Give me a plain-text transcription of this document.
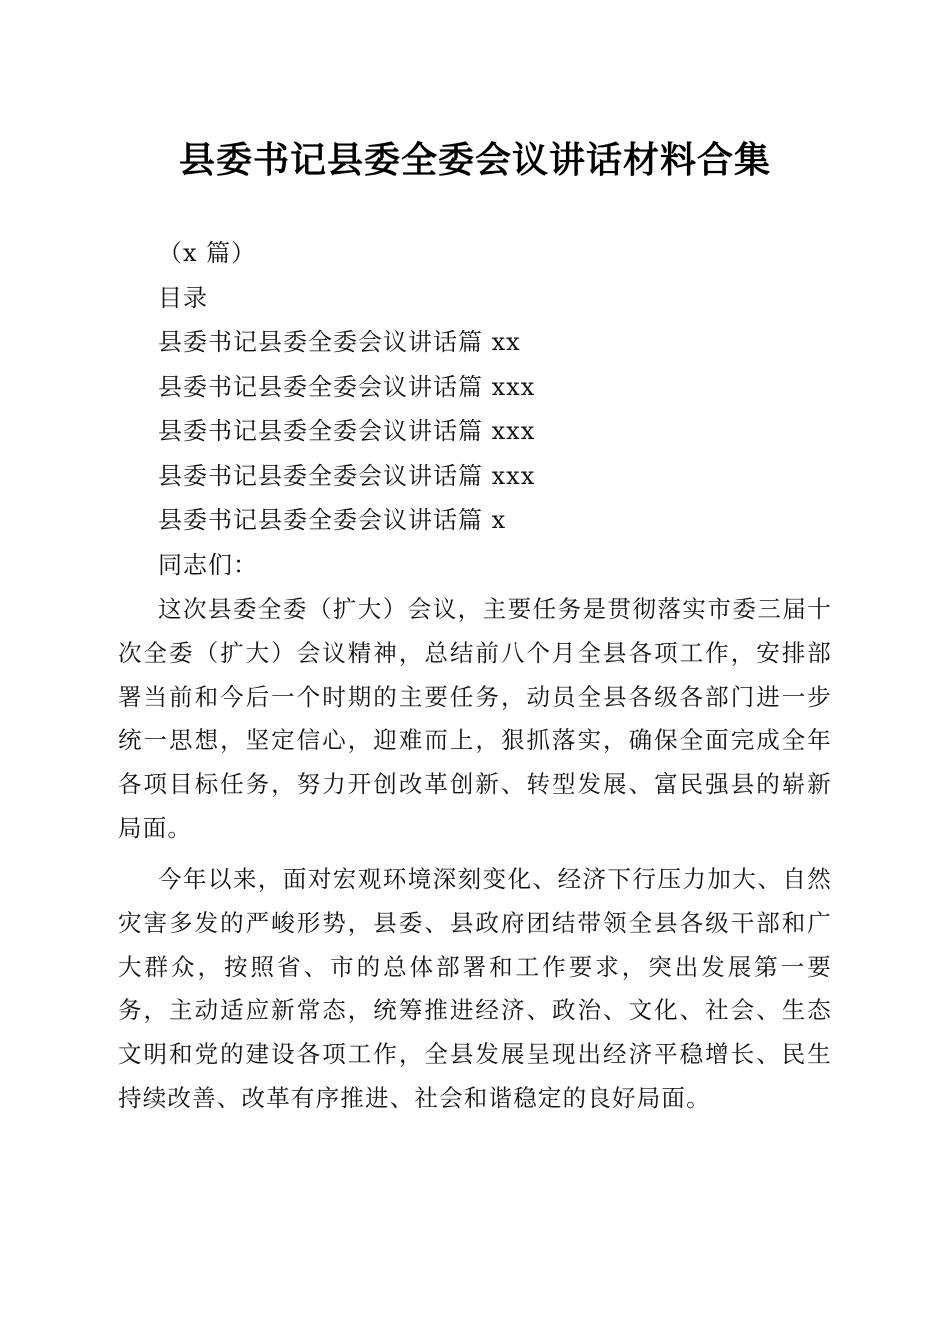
县委书记县委全委会议讲话材料合集
（x 篇）
目录
县委书记县委全委会议讲话篇 xx
县委书记县委全委会议讲话篇 xxx
县委书记县委全委会议讲话篇 xxx
县委书记县委全委会议讲话篇 xxx
县委书记县委全委会议讲话篇 x
同志们：

这次县委全委（扩大）会议，主要任务是贯彻落实市委三届十次全委（扩大）会议精神，总结前八个月全县各项工作，安排部署当前和今后一个时期的主要任务，动员全县各级各部门进一步统一思想，坚定信心，迎难而上，狠抓落实，确保全面完成全年各项目标任务，努力开创改革创新、转型发展、富民强县的崭新局面。

今年以来，面对宏观环境深刻变化、经济下行压力加大、自然灾害多发的严峻形势，县委、县政府团结带领全县各级干部和广大群众，按照省、市的总体部署和工作要求，突出发展第一要务，主动适应新常态，统筹推进经济、政治、文化、社会、生态文明和党的建设各项工作，全县发展呈现出经济平稳增长、民生持续改善、改革有序推进、社会和谐稳定的良好局面。
